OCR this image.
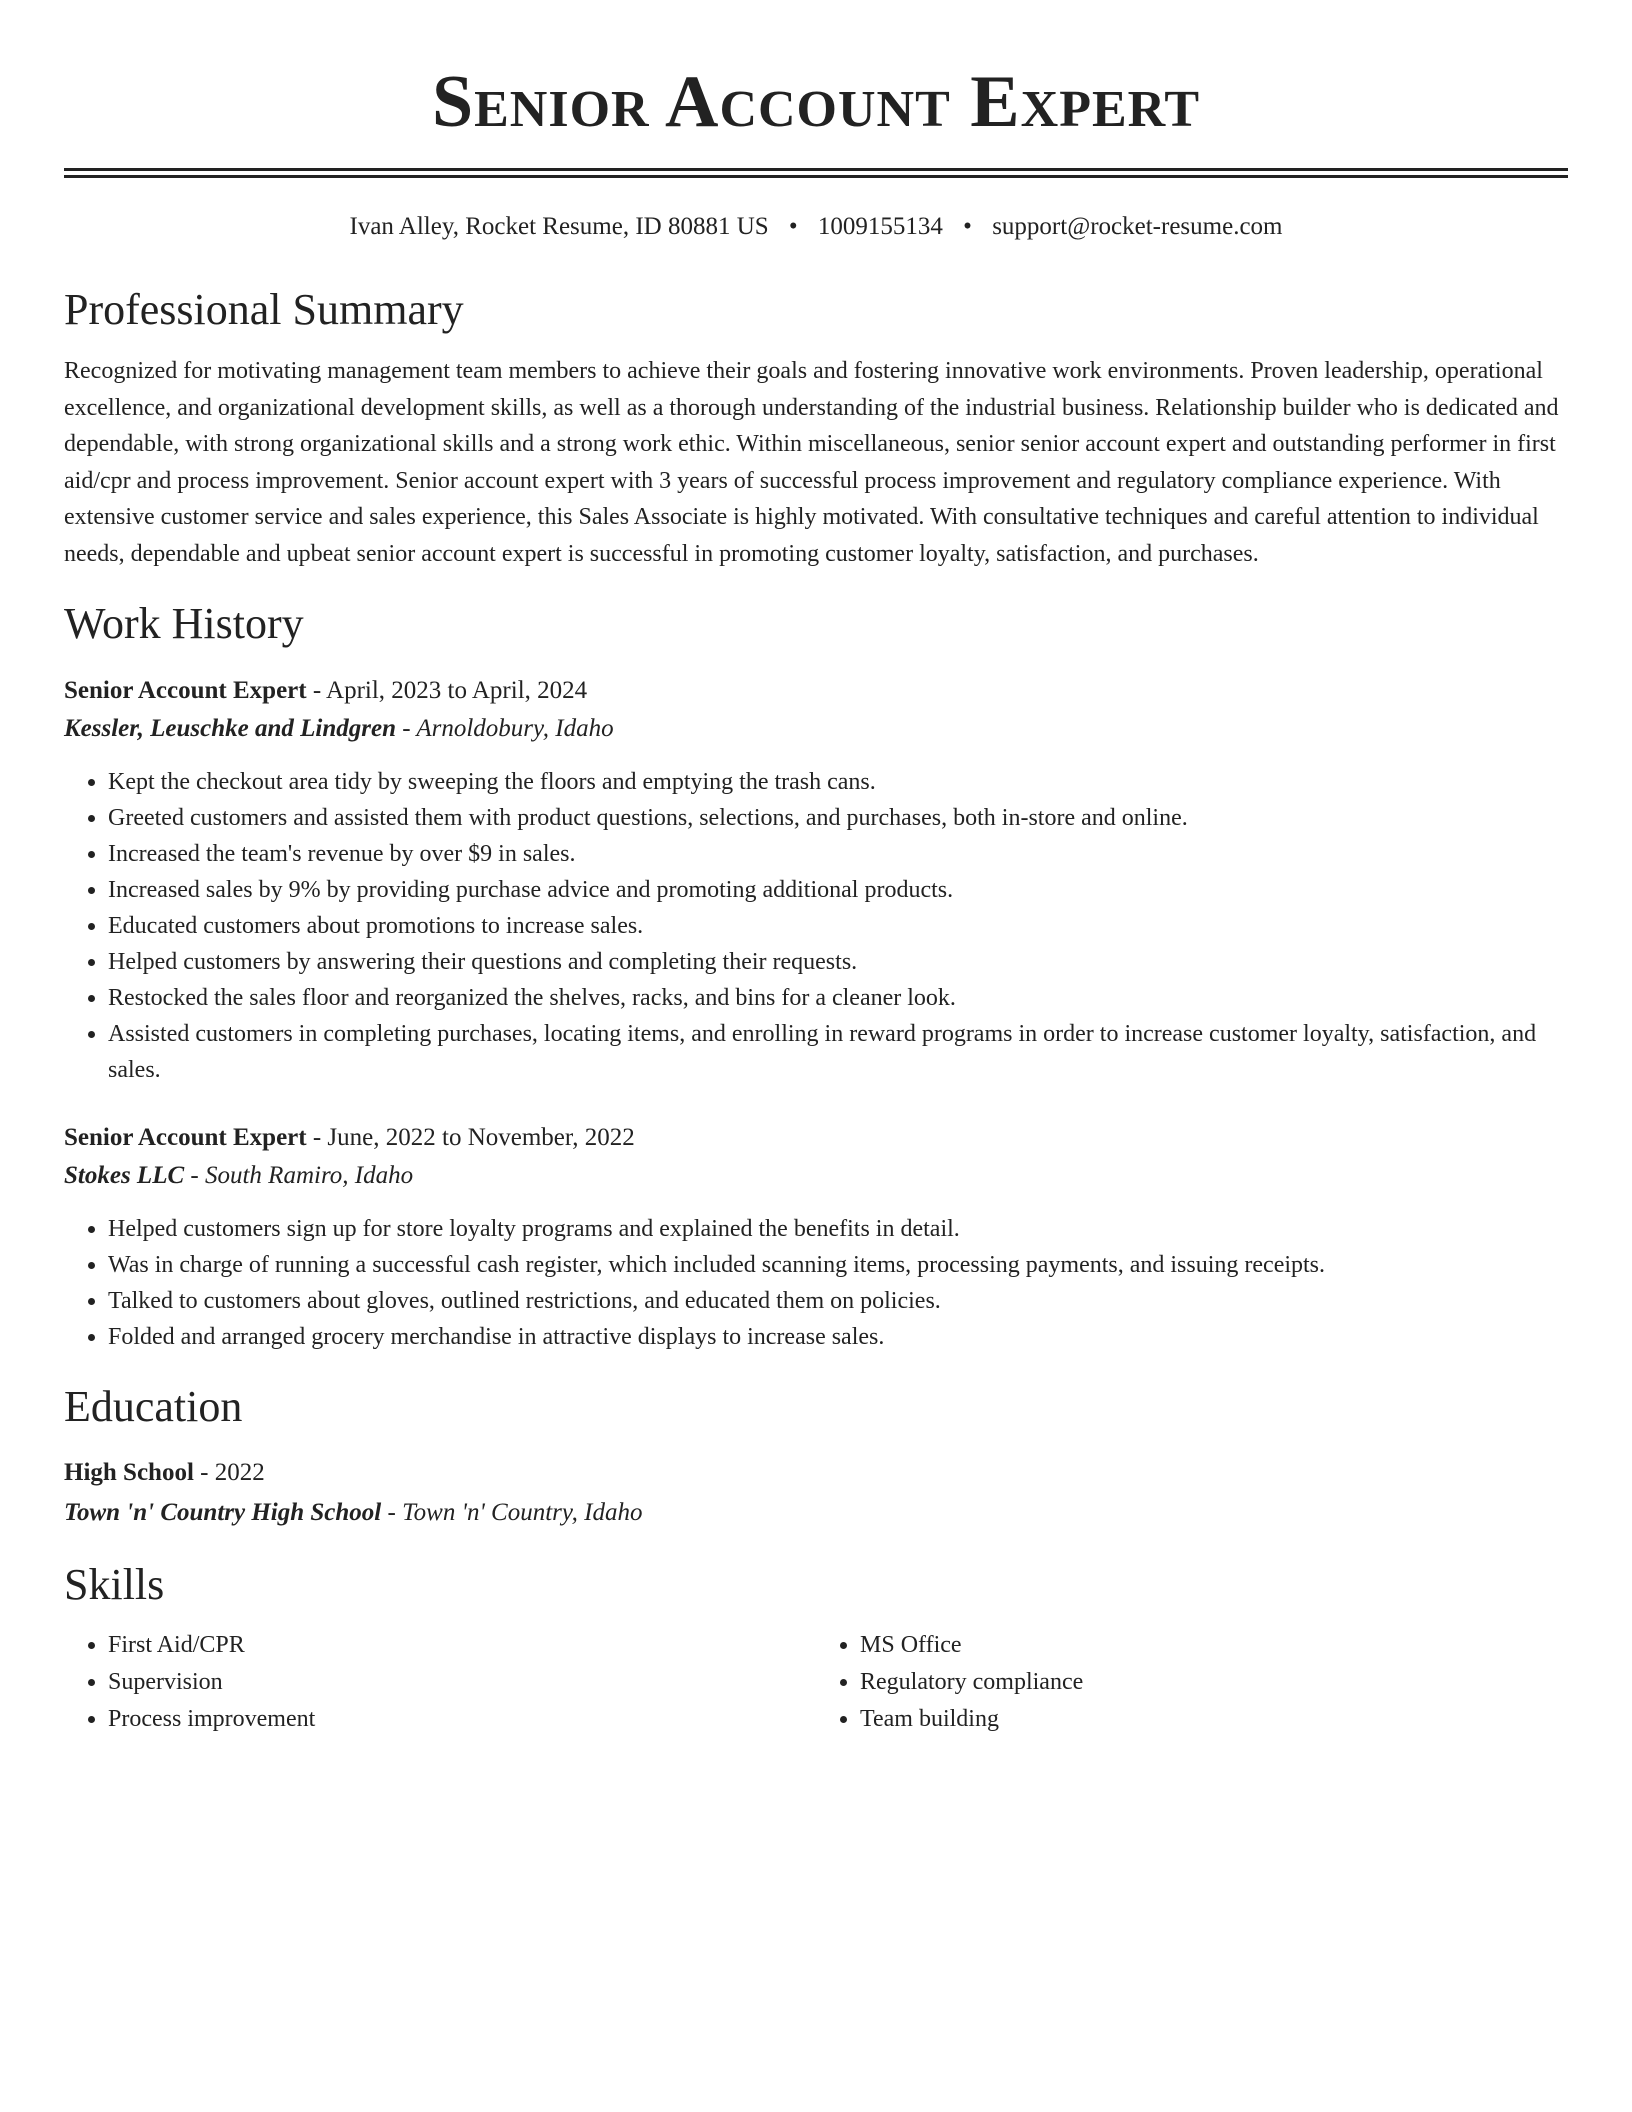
Senior Account Expert
Ivan Alley, Rocket Resume, ID 80881 US • 1009155134 • support@rocket-resume.com
Professional Summary

Recognized for motivating management team members to achieve their goals and fostering innovative work environments. Proven leadership, operational excellence, and organizational development skills, as well as a thorough understanding of the industrial business. Relationship builder who is dedicated and dependable, with strong organizational skills and a strong work ethic. Within miscellaneous, senior senior account expert and outstanding performer in first aid/cpr and process improvement. Senior account expert with 3 years of successful process improvement and regulatory compliance experience. With extensive customer service and sales experience, this Sales Associate is highly motivated. With consultative techniques and careful attention to individual needs, dependable and upbeat senior account expert is successful in promoting customer loyalty, satisfaction, and purchases.

Work History
Senior Account Expert - April, 2023 to April, 2024
Kessler, Leuschke and Lindgren - Arnoldobury, Idaho
• Kept the checkout area tidy by sweeping the floors and emptying the trash cans.
• Greeted customers and assisted them with product questions, selections, and purchases, both in-store and online.
• Increased the team's revenue by over $9 in sales.
• Increased sales by 9% by providing purchase advice and promoting additional products.
• Educated customers about promotions to increase sales.
• Helped customers by answering their questions and completing their requests.
• Restocked the sales floor and reorganized the shelves, racks, and bins for a cleaner look.
• Assisted customers in completing purchases, locating items, and enrolling in reward programs in order to increase customer loyalty, satisfaction, and sales.
Senior Account Expert - June, 2022 to November, 2022
Stokes LLC - South Ramiro, Idaho
• Helped customers sign up for store loyalty programs and explained the benefits in detail.
• Was in charge of running a successful cash register, which included scanning items, processing payments, and issuing receipts.
• Talked to customers about gloves, outlined restrictions, and educated them on policies.
• Folded and arranged grocery merchandise in attractive displays to increase sales.
Education
High School - 2022
Town 'n' Country High School - Town 'n' Country, Idaho
Skills
• First Aid/CPR
• Supervision
• Process improvement
• MS Office
• Regulatory compliance
• Team building
